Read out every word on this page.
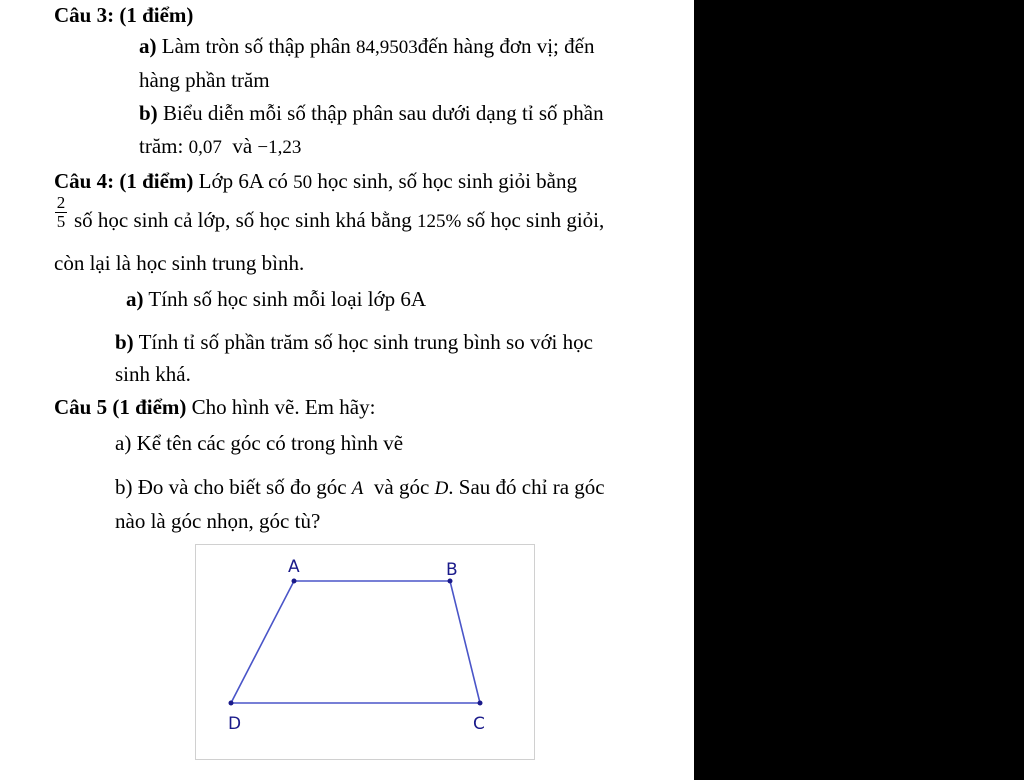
Câu 3: (1 điểm)
a) Làm tròn số thập phân 84,9503đến hàng đơn vị; đến
hàng phần trăm
b) Biểu diễn mỗi số thập phân sau dưới dạng tỉ số phần
trăm: 0,07 và −1,23
Câu 4: (1 điểm) Lớp 6A có 50 học sinh, số học sinh giỏi bằng
2
5 số học sinh cả lớp, số học sinh khá bằng 125% số học sinh giỏi,
còn lại là học sinh trung bình.
a) Tính số học sinh mỗi loại lớp 6A
b) Tính tỉ số phần trăm số học sinh trung bình so với học
sinh khá.
Câu 5 (1 điểm) Cho hình vẽ. Em hãy:
a) Kể tên các góc có trong hình vẽ
b) Đo và cho biết số đo góc A và góc D. Sau đó chỉ ra góc
nào là góc nhọn, góc tù?
A	B
C
D
